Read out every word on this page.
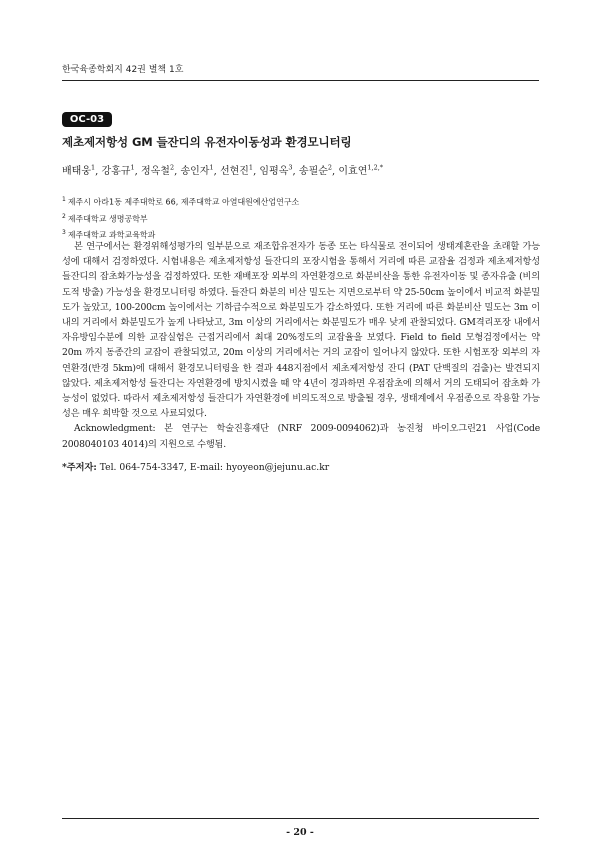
한국육종학회지 42권 별책 1호
OC-03
제초제저항성 GM 들잔디의 유전자이동성과 환경모니터링
배태웅$^1$, 강홍규$^1$, 정옥철$^2$, 송인자$^1$, 선현진$^1$, 임평옥$^3$, 송필순$^2$, 이효연$^{1,2,*}$
$^1$ 제주시 아라1동 제주대학로 66, 제주대학교 아열대원예산업연구소
$^2$ 제주대학교 생명공학부
$^3$ 제주대학교 과학교육학과

본 연구에서는 환경위해성평가의 일부분으로 재조합유전자가 동종 또는 타식물로 전이되어 생태계혼란을 초래할 가능성에 대해서 검정하였다. 시험내용은 제초제저항성 들잔디의 포장시험을 통해서 거리에 따른 교잡율 검정과 제초제저항성 들잔디의 잡초화가능성을 검정하였다. 또한 재배포장 외부의 자연환경으로 화분비산을 통한 유전자이동 및 종자유출 (비의도적 방출) 가능성을 환경모니터링 하였다. 들잔디 화분의 비산 밀도는 지면으로부터 약 25-50cm 높이에서 비교적 화분밀도가 높았고, 100-200cm 높이에서는 기하급수적으로 화분밀도가 감소하였다. 또한 거리에 따른 화분비산 밀도는 3m 이내의 거리에서 화분밀도가 높게 나타났고, 3m 이상의 거리에서는 화분밀도가 매우 낮게 관찰되었다. GM격리포장 내에서 자유방임수분에 의한 교잡실험은 근접거리에서 최대 20%정도의 교잡율을 보였다. Field to field 모형검정에서는 약 20m 까지 동종간의 교잡이 관찰되었고, 20m 이상의 거리에서는 거의 교잡이 일어나지 않았다. 또한 시험포장 외부의 자연환경(반경 5km)에 대해서 환경모니터링을 한 결과 448지점에서 제초제저항성 잔디 (PAT 단백질의 검출)는 발견되지 않았다. 제초제저항성 들잔디는 자연환경에 방치시켰을 때 약 4년이 경과하면 우점잡초에 의해서 거의 도태되어 잡초화 가능성이 없었다. 따라서 제초제저항성 들잔디가 자연환경에 비의도적으로 방출될 경우, 생태계에서 우점종으로 작용할 가능성은 매우 희박할 것으로 사료되었다.

Acknowledgment: 본 연구는 학술진흥재단 (NRF 2009-0094062)과 농진청 바이오그린21 사업(Code 2008040103 4014)의 지원으로 수행됨.

*주저자: Tel. 064-754-3347, E-mail: hyoyeon@jejunu.ac.kr
- 20 -
